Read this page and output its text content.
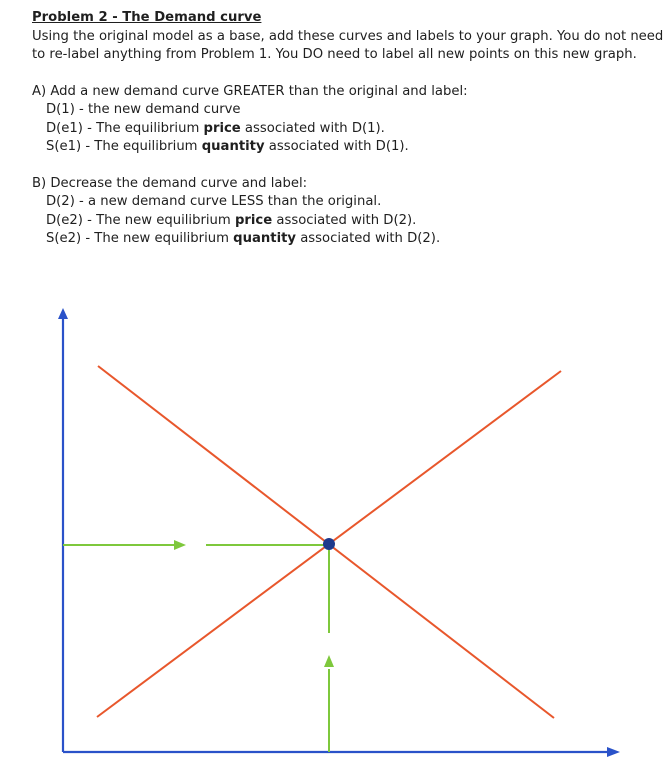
Problem 2 - The Demand curve
Using the original model as a base, add these curves and labels to your graph. You do not need
to re-label anything from Problem 1. You DO need to label all new points on this new graph.
A) Add a new demand curve GREATER than the original and label:
D(1) - the new demand curve
D(e1) - The equilibrium price associated with D(1).
S(e1) - The equilibrium quantity associated with D(1).
B) Decrease the demand curve and label:
D(2) - a new demand curve LESS than the original.
D(e2) - The new equilibrium price associated with D(2).
S(e2) - The new equilibrium quantity associated with D(2).
